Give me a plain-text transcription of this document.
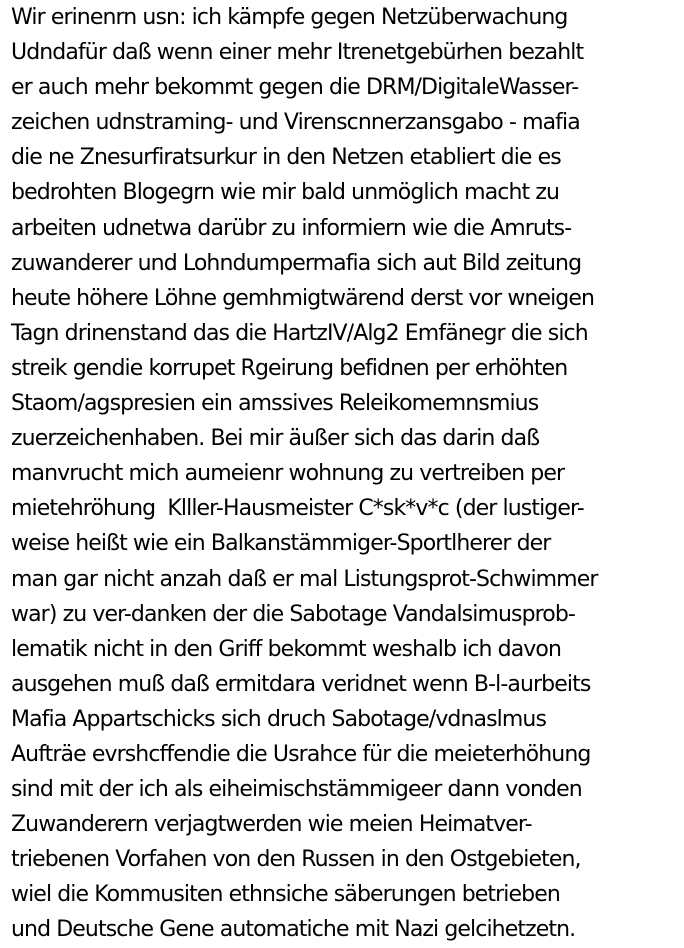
Wir erinenrn usn: ich kämpfe gegen Netzüberwachung
Udndafür daß wenn einer mehr Itrenetgebürhen bezahlt
er auch mehr bekommt gegen die DRM/DigitaleWasser-
zeichen udnstraming- und Virenscnnerzansgabo - mafia
die ne Znesurfiratsurkur in den Netzen etabliert die es
bedrohten Blogegrn wie mir bald unmöglich macht zu
arbeiten udnetwa darübr zu informiern wie die Amruts-
zuwanderer und Lohndumpermafia sich aut Bild zeitung
heute höhere Löhne gemhmigtwärend derst vor wneigen
Tagn drinenstand das die HartzIV/Alg2 Emfänegr die sich
streik gendie korrupet Rgeirung befidnen per erhöhten
Staom/agspresien ein amssives Releikomemnsmius
zuerzeichenhaben. Bei mir äußer sich das darin daß
manvrucht mich aumeienr wohnung zu vertreiben per
mietehröhung  Klller-Hausmeister C*sk*v*c (der lustiger-
weise heißt wie ein Balkanstämmiger-Sportlherer der
man gar nicht anzah daß er mal Listungsprot-Schwimmer
war) zu ver-danken der die Sabotage Vandalsimusprob-
lematik nicht in den Griff bekommt weshalb ich davon
ausgehen muß daß ermitdara veridnet wenn B-l-aurbeits
Mafia Appartschicks sich druch Sabotage/vdnaslmus
Aufträe evrshcffendie die Usrahce für die meieterhöhung
sind mit der ich als eiheimischstämmigeer dann vonden
Zuwanderern verjagtwerden wie meien Heimatver-
triebenen Vorfahen von den Russen in den Ostgebieten,
wiel die Kommusiten ethnsiche säberungen betrieben
und Deutsche Gene automatiche mit Nazi gelcihetzetn.
